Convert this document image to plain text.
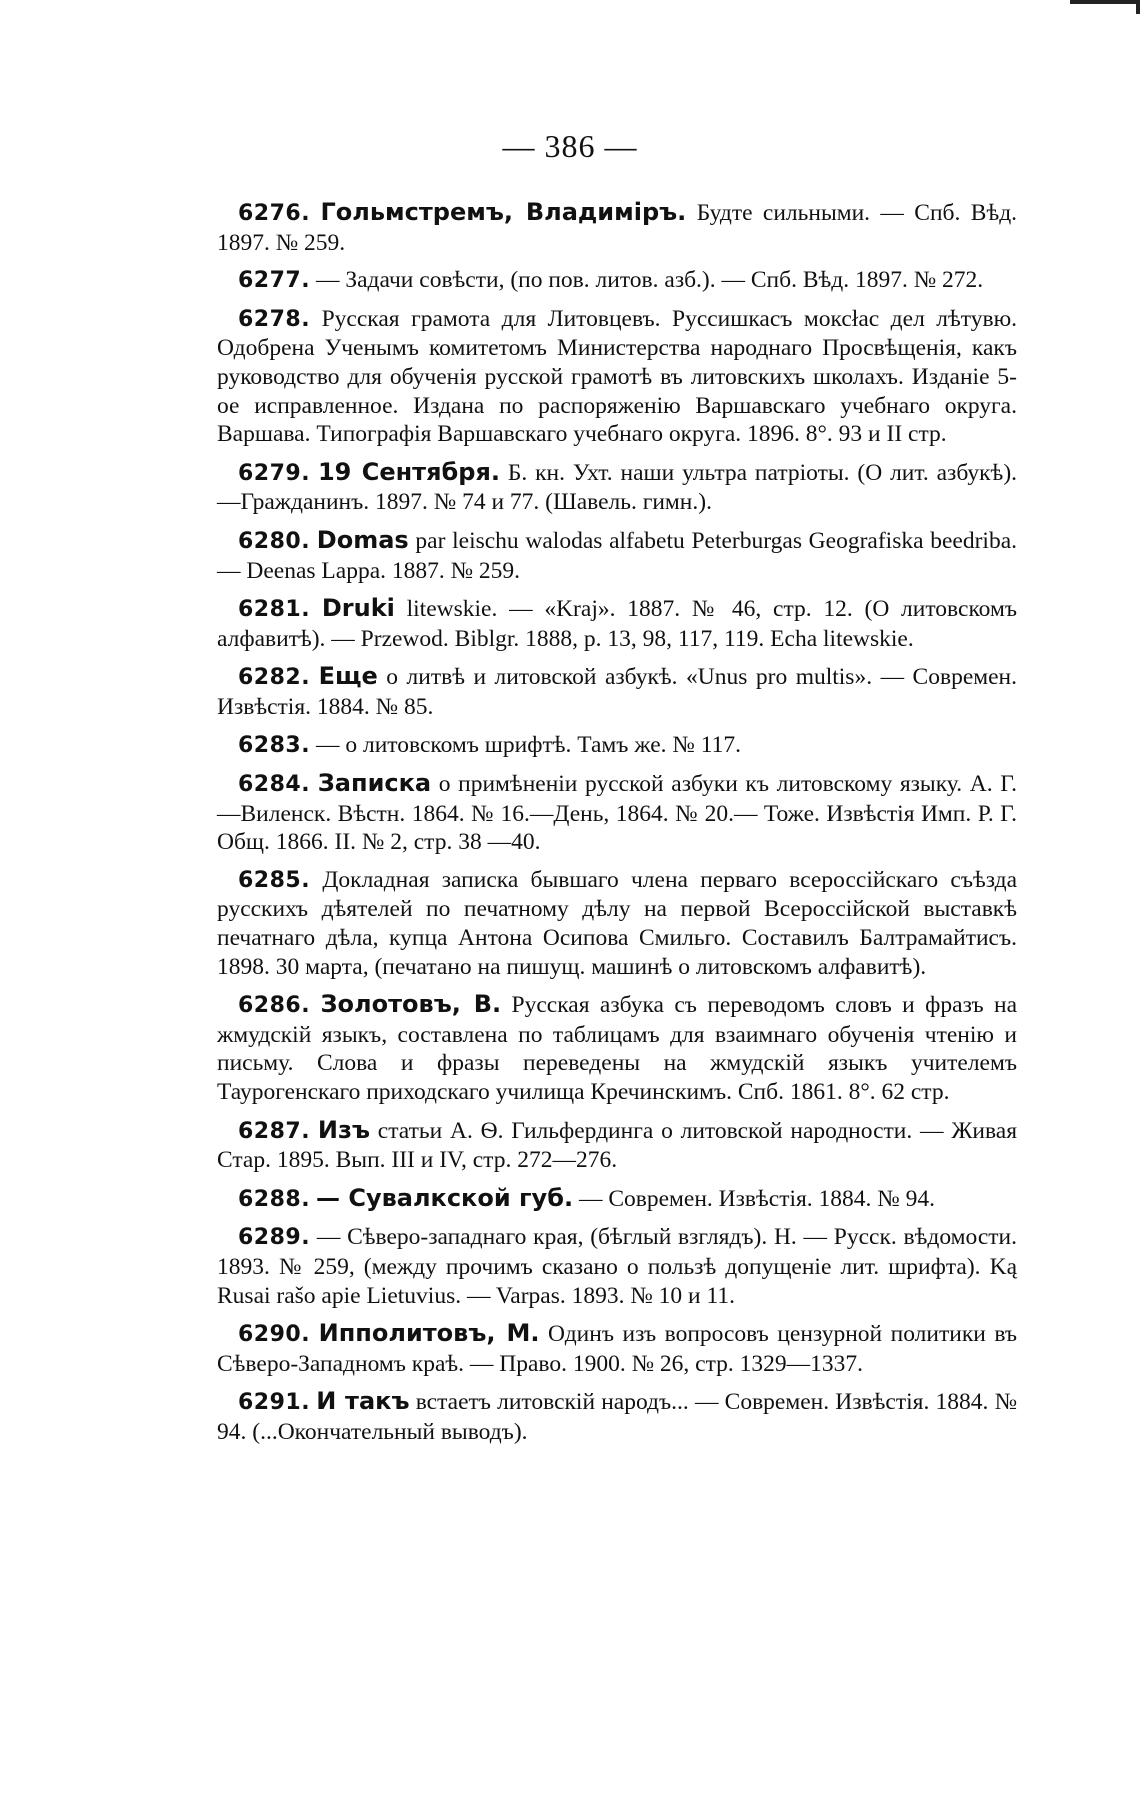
— 386 —

6276. Гольмстремъ, Владиміръ. Будте сильными. — Спб. Вѣд. 1897. № 259.

6277. — Задачи совѣсти, (по пов. литов. азб.). — Спб. Вѣд. 1897. № 272.

6278. Русская грамота для Литовцевъ. Руссишкасъ моксłас дел лѣтувю. Одобрена Ученымъ комитетомъ Министерства народнаго Просвѣщенія, какъ руководство для обученія русской грамотѣ въ литовскихъ школахъ. Изданіе 5-ое исправленное. Издана по распоряженію Варшавскаго учебнаго округа. Варшава. Типографія Варшавскаго учебнаго округа. 1896. 8°. 93 и II стр.

6279. 19 Сентября. Б. кн. Ухт. наши ультра патріоты. (О лит. азбукѣ).—Гражданинъ. 1897. № 74 и 77. (Шавель. гимн.).

6280. Domas par leischu walodas alfabetu Peterburgas Geografiska beedriba. — Deenas Lappa. 1887. № 259.

6281. Druki litewskie. — «Kraj». 1887. № 46, стр. 12. (О литовскомъ алфавитѣ). — Przewod. Biblgr. 1888, p. 13, 98, 117, 119. Echa litewskie.

6282. Еще о литвѣ и литовской азбукѣ. «Unus pro multis». — Современ. Извѣстія. 1884. № 85.

6283. — о литовскомъ шрифтѣ. Тамъ же. № 117.

6284. Записка о примѣненіи русской азбуки къ литовскому языку. А. Г.—Виленск. Вѣстн. 1864. № 16.—День, 1864. № 20.— Тоже. Извѣстія Имп. Р. Г. Общ. 1866. II. № 2, стр. 38 —40.

6285. Докладная записка бывшаго члена перваго всероссійскаго съѣзда русскихъ дѣятелей по печатному дѣлу на первой Всероссійской выставкѣ печатнаго дѣла, купца Антона Осипова Смильго. Составилъ Балтрамайтисъ. 1898. 30 марта, (печатано на пишущ. машинѣ о литовскомъ алфавитѣ).

6286. Золотовъ, В. Русская азбука съ переводомъ словъ и фразъ на жмудскій языкъ, составлена по таблицамъ для взаимнаго обученія чтенію и письму. Слова и фразы переведены на жмудскій языкъ учителемъ Таурогенскаго приходскаго училища Кречинскимъ. Спб. 1861. 8°. 62 стр.

6287. Изъ статьи А. Ѳ. Гильфердинга о литовской народности. — Живая Стар. 1895. Вып. III и IV, стр. 272—276.

6288. — Сувалкской губ. — Современ. Извѣстія. 1884. № 94.

6289. — Сѣверо-западнаго края, (бѣглый взглядъ). Н. — Русск. вѣдомости. 1893. № 259, (между прочимъ сказано о пользѣ допущеніе лит. шрифта). Ką Rusai rašo apie Lietuvius. — Varpas. 1893. № 10 и 11.

6290. Ипполитовъ, М. Одинъ изъ вопросовъ цензурной политики въ Сѣверо-Западномъ краѣ. — Право. 1900. № 26, стр. 1329—1337.

6291. И такъ встаетъ литовскій народъ... — Современ. Извѣстія. 1884. № 94. (...Окончательный выводъ).
